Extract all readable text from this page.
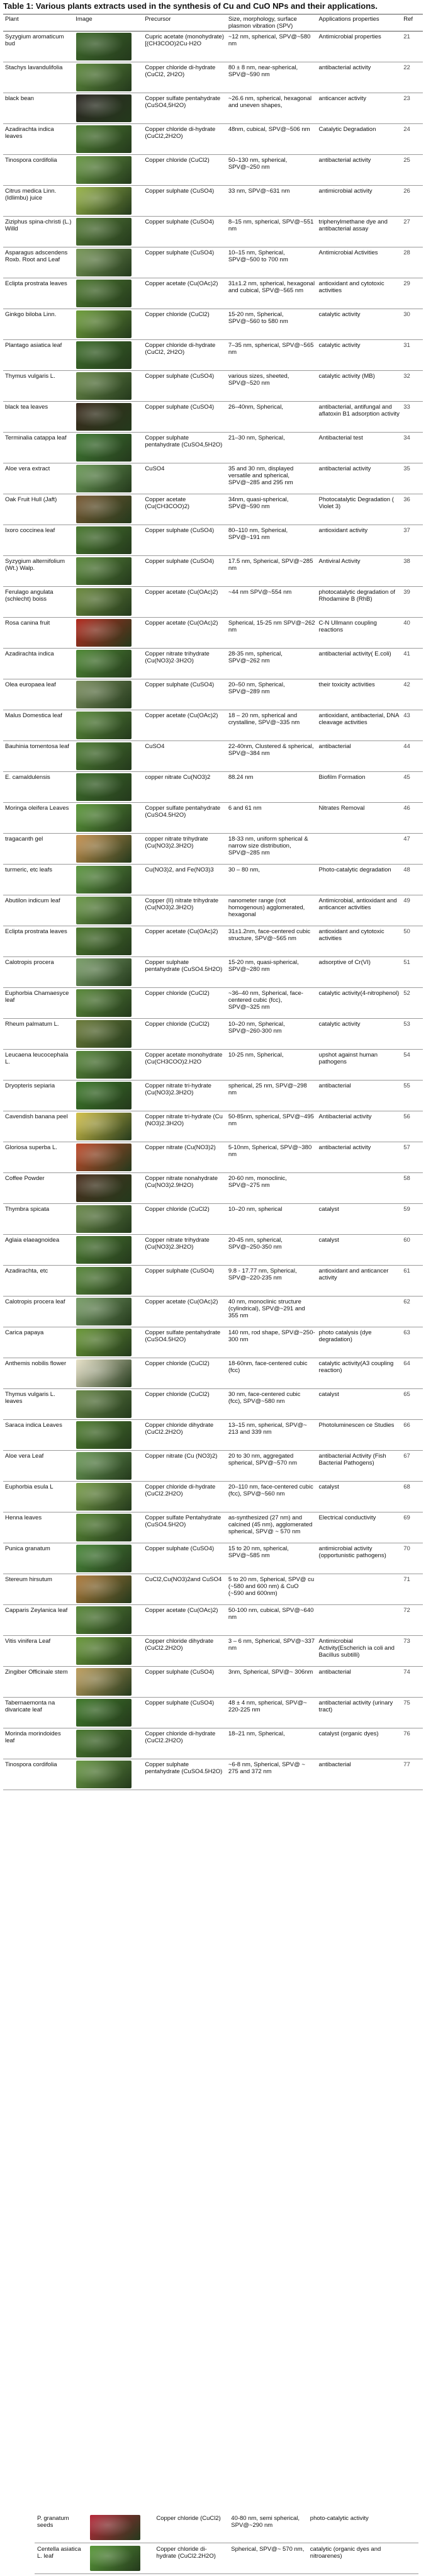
Table 1: Various plants extracts used in the synthesis of Cu and CuO NPs and their applications.
Plant	Image	Precursor	Size, morphology, surface plasmon vibration (SPV)	Applications properties	Ref
Syzygium aromaticum bud		Cupric acetate (monohydrate) [(CH3COO)2Cu·H2O	~12 nm, spherical, SPV@~580 nm	Antimicrobial properties	21
Stachys lavandulifolia		Copper chloride di-hydrate (CuCl2, 2H2O)	80 ± 8 nm, near-spherical, SPV@~590 nm	antibacterial activity	22
black bean		Copper sulfate pentahydrate (CuSO4,5H2O)	~26.6 nm, spherical, hexagonal and uneven shapes,	anticancer activity	23
Azadirachta indica leaves		Copper chloride di-hydrate (CuCl2,2H2O)	48nm, cubical, SPV@~506 nm	Catalytic Degradation	24
Tinospora cordifolia		Copper chloride (CuCl2)	50–130 nm, spherical, SPV@~250 nm	antibacterial activity	25
Citrus medica Linn. (Idlimbu) juice		Copper sulphate (CuSO4)	33 nm, SPV@~631 nm	antimicrobial activity	26
Ziziphus spina-christi (L.) Willd		Copper sulphate (CuSO4)	8–15 nm, spherical, SPV@~551 nm	triphenylmethane dye and antibacterial assay	27
Asparagus adscendens Roxb. Root and Leaf		Copper sulphate (CuSO4)	10–15 nm, Spherical, SPV@~500 to 700 nm	Antimicrobial Activities	28
Eclipta prostrata leaves		Copper acetate (Cu(OAc)2)	31±1.2 nm, spherical, hexagonal and cubical, SPV@~565 nm	antioxidant and cytotoxic activities	29
Ginkgo biloba Linn.		Copper chloride (CuCl2)	15-20 nm, Spherical, SPV@~560 to 580 nm	catalytic activity	30
Plantago asiatica leaf		Copper chloride di-hydrate (CuCl2, 2H2O)	7–35 nm, spherical, SPV@~565 nm	catalytic activity	31
Thymus vulgaris L.		Copper sulphate (CuSO4)	various sizes, sheeted, SPV@~520 nm	catalytic activity (MB)	32
black tea leaves		Copper sulphate (CuSO4)	26–40nm, Spherical,	antibacterial, antifungal and aflatoxin B1 adsorption activity	33
Terminalia catappa leaf		Copper sulphate pentahydrate (CuSO4,5H2O)	21–30 nm, Spherical,	Antibacterial test	34
Aloe vera extract		CuSO4	35 and 30 nm, displayed versatile and spherical, SPV@~285 and 295 nm	antibacterial activity	35
Oak Fruit Hull (Jaft)		Copper acetate (Cu(CH3COO)2)	34nm, quasi-spherical, SPV@~590 nm	Photocatalytic Degradation ( Violet 3)	36
Ixoro coccinea leaf		Copper sulphate (CuSO4)	80–110 nm, Spherical, SPV@~191 nm	antioxidant activity	37
Syzygium alternifolium (Wt.) Walp.		Copper sulphate (CuSO4)	17.5 nm, Spherical, SPV@~285 nm	Antiviral Activity	38
Ferulago angulata (schlecht) boiss		Copper acetate (Cu(OAc)2)	~44 nm SPV@~554 nm	photocatalytic degradation of Rhodamine B (RhB)	39
Rosa canina fruit		Copper acetate (Cu(OAc)2)	Spherical, 15-25 nm SPV@~262 nm	C-N Ullmann coupling reactions	40
Azadirachta indica		Copper nitrate trihydrate (Cu(NO3)2·3H2O)	28-35 nm, spherical, SPV@~262 nm	antibacterial activity( E.coli)	41
Olea europaea leaf		Copper sulphate (CuSO4)	20–50 nm, Spherical, SPV@~289 nm	their toxicity activities	42
Malus Domestica leaf		Copper acetate (Cu(OAc)2)	18 – 20 nm, spherical and crystalline, SPV@~335 nm	antioxidant, antibacterial, DNA cleavage activities	43
Bauhinia tomentosa leaf		CuSO4	22-40nm, Clustered & spherical, SPV@~384 nm	antibacterial	44
E. camaldulensis		copper nitrate Cu(NO3)2	88.24 nm	Biofilm Formation	45
Moringa oleifera Leaves		Copper sulfate pentahydrate (CuSO4.5H2O)	6 and 61 nm	Nitrates Removal	46
tragacanth gel		copper nitrate trihydrate (Cu(NO3)2.3H2O)	18-33 nm, uniform spherical & narrow size distribution, SPV@~285 nm		47
turmeric, etc leafs		Cu(NO3)2, and Fe(NO3)3	30 – 80 nm,	Photo-catalytic degradation	48
Abutilon indicum leaf		Copper (II) nitrate trihydrate (Cu(NO3)2.3H2O)	nanometer range (not homogenous) agglomerated, hexagonal	Antimicrobial, antioxidant and anticancer activities	49
Eclipta prostrata leaves		Copper acetate (Cu(OAc)2)	31±1.2nm, face-centered cubic structure, SPV@~565 nm	antioxidant and cytotoxic activities	50
Calotropis procera		Copper sulphate pentahydrate (CuSO4.5H2O)	15-20 nm, quasi-spherical, SPV@~280 nm	adsorptive of Cr(VI)	51
Euphorbia Chamaesyce leaf		Copper chloride (CuCl2)	~36–40 nm, Spherical, face-centered cubic (fcc), SPV@~325 nm	catalytic activity(4-nitrophenol)	52
Rheum palmatum L.		Copper chloride (CuCl2)	10–20 nm, Spherical, SPV@~260-300 nm	catalytic activity	53
Leucaena leucocephala L.		Copper acetate monohydrate (Cu(CH3COO)2.H2O	10-25 nm, Spherical,	upshot against human pathogens	54
Dryopteris sepiaria		Copper nitrate tri-hydrate (Cu(NO3)2.3H2O)	spherical, 25 nm, SPV@~298 nm	antibacterial	55
Cavendish banana peel		Copper nitrate tri-hydrate (Cu (NO3)2.3H2O)	50-85nm, spherical, SPV@~495 nm	Antibacterial activity	56
Gloriosa superba L.		Copper nitrate (Cu(NO3)2)	5-10nm, Spherical, SPV@~380 nm	antibacterial activity	57
Coffee Powder		Copper nitrate nonahydrate (Cu(NO3)2.9H2O)	20-60 nm, monoclinic, SPV@~275 nm		58
Thymbra spicata		Copper chloride (CuCl2)	10–20 nm, spherical	catalyst	59
Aglaia elaeagnoidea		Copper nitrate trihydrate (Cu(NO3)2.3H2O)	20-45 nm, spherical, SPV@~250-350 nm	catalyst	60
Azadirachta, etc		Copper sulphate (CuSO4)	9.8 - 17.77 nm, Spherical, SPV@~220-235 nm	antioxidant and anticancer activity	61
Calotropis procera leaf		Copper acetate (Cu(OAc)2)	40 nm, monoclinic structure (cylindrical), SPV@~291 and 355 nm		62
Carica papaya		Copper sulfate pentahydrate (CuSO4.5H2O)	140 nm, rod shape, SPV@~250-300 nm	photo catalysis (dye degradation)	63
Anthemis nobilis flower		Copper chloride (CuCl2)	18-60nm, face-centered cubic (fcc)	catalytic activity(A3 coupling reaction)	64
Thymus vulgaris L. leaves		Copper chloride (CuCl2)	30 nm, face-centered cubic (fcc), SPV@~580 nm	catalyst	65
Saraca indica Leaves		Copper chloride dihydrate (CuCl2.2H2O)	13–15 nm, spherical, SPV@~ 213 and 339 nm	Photoluminescen ce Studies	66
Aloe vera Leaf		Copper nitrate (Cu (NO3)2)	20 to 30 nm, aggregated spherical, SPV@~570 nm	antibacterial Activity (Fish Bacterial Pathogens)	67
Euphorbia esula L		Copper chloride di-hydrate (CuCl2.2H2O)	20–110 nm, face-centered cubic (fcc), SPV@~560 nm	catalyst	68
Henna leaves		Copper sulfate Pentahydrate (CuSO4.5H2O)	as-synthesized (27 nm) and calcined (45 nm), agglomerated spherical, SPV@ ~ 570 nm	Electrical conductivity	69
Punica granatum		Copper sulphate (CuSO4)	15 to 20 nm, spherical, SPV@~585 nm	antimicrobial activity (opportunistic pathogens)	70
Stereum hirsutum		CuCl2,Cu(NO3)2and CuSO4	5 to 20 nm, Spherical, SPV@ cu (~580 and 600 nm) & CuO (~590 and 600nm)		71
Capparis Zeylanica leaf		Copper acetate (Cu(OAc)2)	50-100 nm, cubical, SPV@~640 nm		72
Vitis vinifera Leaf		Copper chloride dihydrate (CuCl2.2H2O)	3 – 6 nm, Spherical, SPV@~337 nm	Antimicrobial Activity(Escherich ia coli and Bacillus subtilli)	73
Zingiber Officinale stem		Copper sulphate (CuSO4)	3nm, Spherical, SPV@~ 306nm	antibacterial	74
Tabernaemonta na divaricate leaf		Copper sulphate (CuSO4)	48 ± 4 nm, spherical, SPV@~ 220-225 nm	antibacterial activity (urinary tract)	75
Morinda morindoides leaf		Copper chloride di-hydrate (CuCl2.2H2O)	18–21 nm, Spherical,	catalyst (organic dyes)	76
Tinospora cordifolia		Copper sulphate pentahydrate (CuSO4.5H2O)	~6-8 nm, Spherical, SPV@ ~ 275 and 372 nm	antibacterial	77
P. granatum seeds		Copper chloride (CuCl2)	40-80 nm, semi spherical, SPV@~290 nm	photo-catalytic activity	
Centella asiatica L. leaf		Copper chloride di-hydrate (CuCl2.2H2O)	Spherical, SPV@~ 570 nm,	catalytic (organic dyes and nitroarenes)	
